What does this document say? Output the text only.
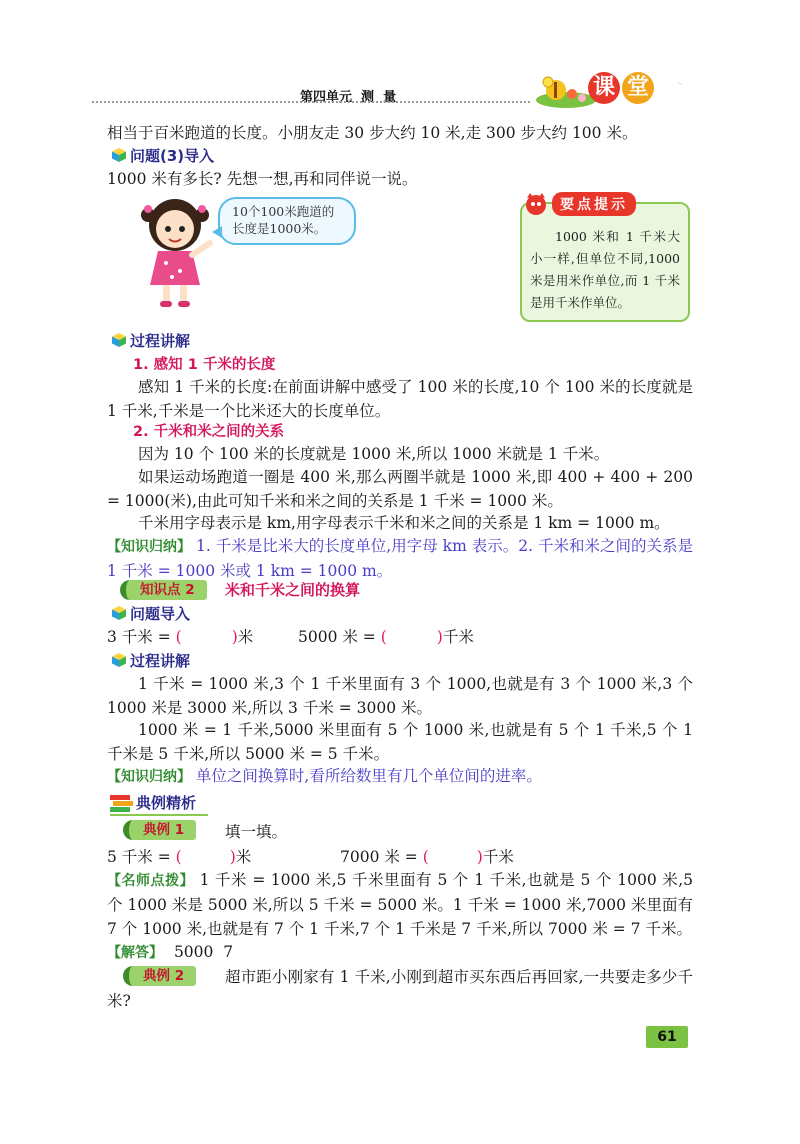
第四单元  测  量	课 堂 全 解
相当于百米跑道的长度。小朋友走 30 步大约 10 米,走 300 步大约 100 米。
问题(3)导入
1000 米有多长? 先想一想,再和同伴说一说。
10个100米跑道的长度是1000米。
1000 米和 1 千米大小一样,但单位不同,1000 米是用米作单位,而 1 千米是用千米作单位。
要点提示
过程讲解
1. 感知 1 千米的长度
感知 1 千米的长度:在前面讲解中感受了 100 米的长度,10 个 100 米的长度就是 1 千米,千米是一个比米还大的长度单位。
2. 千米和米之间的关系
因为 10 个 100 米的长度就是 1000 米,所以 1000 米就是 1 千米。
如果运动场跑道一圈是 400 米,那么两圈半就是 1000 米,即 400 + 400 + 200 = 1000(米),由此可知千米和米之间的关系是 1 千米 = 1000 米。
千米用字母表示是 km,用字母表示千米和米之间的关系是 1 km = 1000 m。
【知识归纳】 1. 千米是比米大的长度单位,用字母 km 表示。2. 千米和米之间的关系是 1 千米 = 1000 米或 1 km = 1000 m。
知识点 2	米和千米之间的换算
问题导入
3 千米 = (	)米	5000 米 = (	)千米
过程讲解
1 千米 = 1000 米,3 个 1 千米里面有 3 个 1000,也就是有 3 个 1000 米,3 个 1000 米是 3000 米,所以 3 千米 = 3000 米。
1000 米 = 1 千米,5000 米里面有 5 个 1000 米,也就是有 5 个 1 千米,5 个 1 千米是 5 千米,所以 5000 米 = 5 千米。
【知识归纳】 单位之间换算时,看所给数里有几个单位间的进率。
典例精析
典例 1	填一填。
5 千米 = (	)米	7000 米 = (	)千米
【名师点拨】 1 千米 = 1000 米,5 千米里面有 5 个 1 千米,也就是 5 个 1000 米,5 个 1000 米是 5000 米,所以 5 千米 = 5000 米。1 千米 = 1000 米,7000 米里面有 7 个 1000 米,也就是有 7 个 1 千米,7 个 1 千米是 7 千米,所以 7000 米 = 7 千米。
【解答】 5000  7
典例 2	超市距小刚家有 1 千米,小刚到超市买东西后再回家,一共要走多少千米?
61
